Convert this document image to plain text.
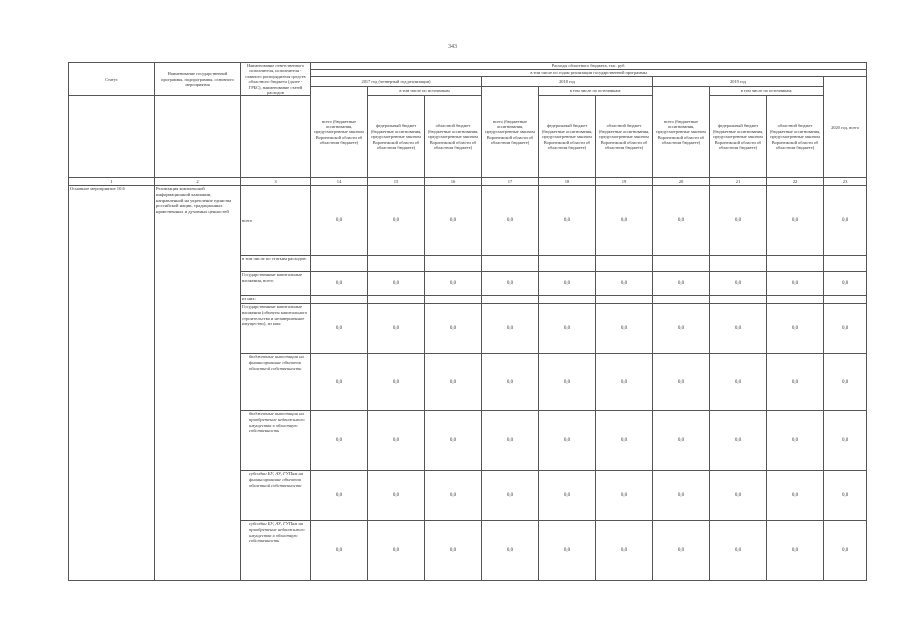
343
Статус	Наименование государственной программы, подпрограммы, основного мероприятия	Наименование ответственного исполнителя, исполнителя - главного распорядителя средств областного бюджета (далее - ГРБС), наименование статей расходов	Расходы областного бюджета, тыс. руб.									
			в том числе по годам реализации государственной программы									
			2017 год (четвертый год реализации)			2018 год			2019 год			2020 год, всего
			всего (бюджетные ассигнования, предусмотренные законом Воронежской области об областном бюджете)	в том числе по источникам		всего (бюджетные ассигнования, предусмотренные законом Воронежской области об областном бюджете)	в том числе по источникам:		всего (бюджетные ассигнования, предусмотренные законом Воронежской области об областном бюджете)	в том числе по источникам:		
				федеральный бюджет (бюджетные ассигнования, предусмотренные законом Воронежской области об областном бюджете)	областной бюджет (бюджетные ассигнования, предусмотренные законом Воронежской области об областном бюджете)		федеральный бюджет (бюджетные ассигнования, предусмотренные законом Воронежской области об областном бюджете)	областной бюджет (бюджетные ассигнования, предусмотренные законом Воронежской области об областном бюджете)		федеральный бюджет (бюджетные ассигнования, предусмотренные законом Воронежской области об областном бюджете)	областной бюджет (бюджетные ассигнования, предусмотренные законом Воронежской области об областном бюджете)	
1	2	3	14	15	16	17	18	19	20	21	22	23
Основное мероприятие 10.6	Реализация комплексной информационной кампании, направленной на укрепление единства российской нации, традиционных нравственных и духовных ценностей	всего	0,0	0,0	0,0	0,0	0,0	0,0	0,0	0,0	0,0	0,0
		в том числе по статьям расходов:										
		Государственные капитальные вложения, всего	0,0	0,0	0,0	0,0	0,0	0,0	0,0	0,0	0,0	0,0
		из них:										
		Государственные капитальные вложения (объекты капитального строительства и незавершенное имущество), из них:	0,0	0,0	0,0	0,0	0,0	0,0	0,0	0,0	0,0	0,0
		бюджетные инвестиции на финансирование объектов областной собственности	0,0	0,0	0,0	0,0	0,0	0,0	0,0	0,0	0,0	0,0
		бюджетные инвестиции на приобретение недвижимого имущества в областную собственность	0,0	0,0	0,0	0,0	0,0	0,0	0,0	0,0	0,0	0,0
		субсидии БУ, АУ, ГУПам на финансирование объектов областной собственности	0,0	0,0	0,0	0,0	0,0	0,0	0,0	0,0	0,0	0,0
		субсидии БУ, АУ, ГУПам на приобретение недвижимого имущества в областную собственность	0,0	0,0	0,0	0,0	0,0	0,0	0,0	0,0	0,0	0,0
